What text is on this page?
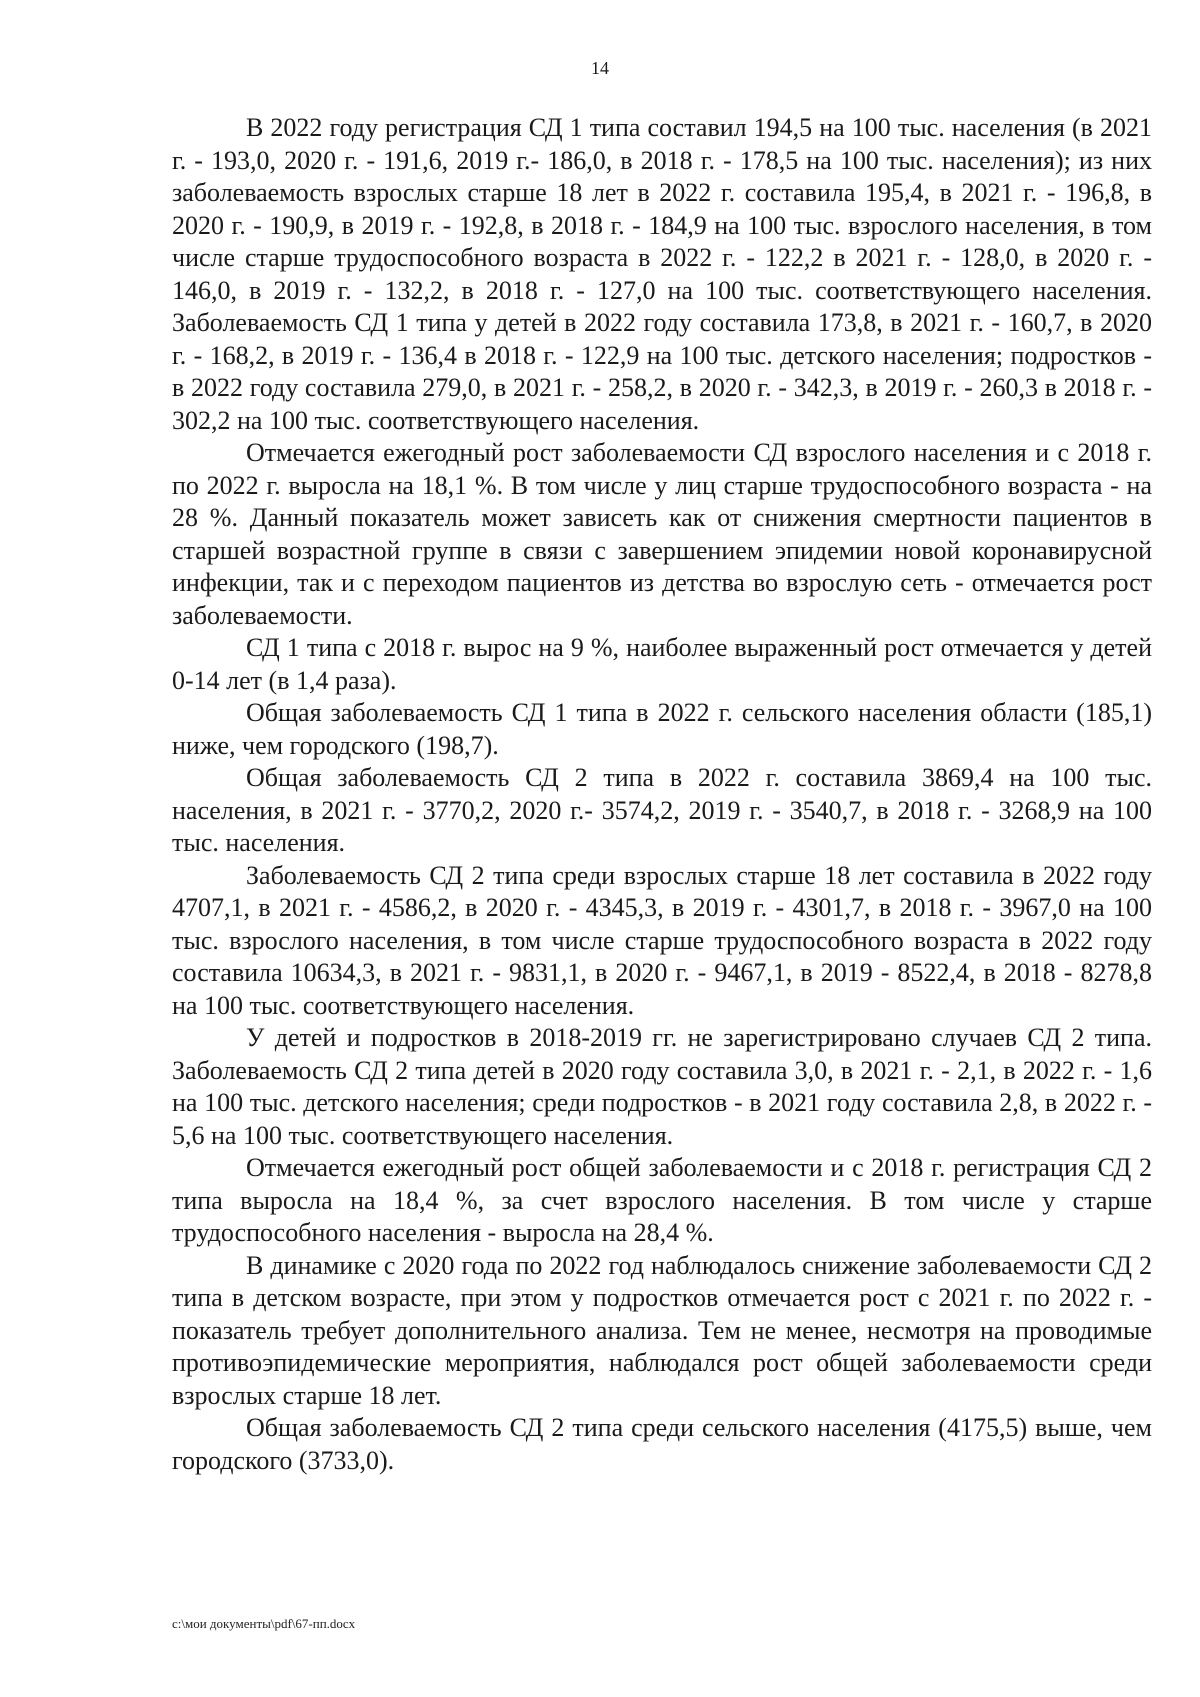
14

В 2022 году регистрация СД 1 типа составил 194,5 на 100 тыс. населения (в 2021 г. - 193,0, 2020 г. - 191,6, 2019 г.- 186,0, в 2018 г. - 178,5 на 100 тыс. населения); из них заболеваемость взрослых старше 18 лет в 2022 г. составила 195,4, в 2021 г. - 196,8, в 2020 г. - 190,9, в 2019 г. - 192,8, в 2018 г. - 184,9 на 100 тыс. взрослого населения, в том числе старше трудоспособного возраста в 2022 г. - 122,2 в 2021 г. - 128,0, в 2020 г. - 146,0, в 2019 г. - 132,2, в 2018 г. - 127,0 на 100 тыс. соответствующего населения. Заболеваемость СД 1 типа у детей в 2022 году составила 173,8, в 2021 г. - 160,7, в 2020 г. - 168,2, в 2019 г. - 136,4 в 2018 г. - 122,9 на 100 тыс. детского населения; подростков - в 2022 году составила 279,0, в 2021 г. - 258,2, в 2020 г. - 342,3, в 2019 г. - 260,3 в 2018 г. - 302,2 на 100 тыс. соответствующего населения.

Отмечается ежегодный рост заболеваемости СД взрослого населения и с 2018 г. по 2022 г. выросла на 18,1 %. В том числе у лиц старше трудоспособного возраста - на 28 %. Данный показатель может зависеть как от снижения смертности пациентов в старшей возрастной группе в связи с завершением эпидемии новой коронавирусной инфекции, так и с переходом пациентов из детства во взрослую сеть - отмечается рост заболеваемости.

СД 1 типа с 2018 г. вырос на 9 %, наиболее выраженный рост отмечается у детей 0-14 лет (в 1,4 раза).

Общая заболеваемость СД 1 типа в 2022 г. сельского населения области (185,1) ниже, чем городского (198,7).

Общая заболеваемость СД 2 типа в 2022 г. составила 3869,4 на 100 тыс. населения, в 2021 г. - 3770,2, 2020 г.- 3574,2, 2019 г. - 3540,7, в 2018 г. - 3268,9 на 100 тыс. населения.

Заболеваемость СД 2 типа среди взрослых старше 18 лет составила в 2022 году 4707,1, в 2021 г. - 4586,2, в 2020 г. - 4345,3, в 2019 г. - 4301,7, в 2018 г. - 3967,0 на 100 тыс. взрослого населения, в том числе старше трудоспособного возраста в 2022 году составила 10634,3, в 2021 г. - 9831,1, в 2020 г. - 9467,1, в 2019 - 8522,4, в 2018 - 8278,8 на 100 тыс. соответствующего населения.

У детей и подростков в 2018-2019 гг. не зарегистрировано случаев СД 2 типа. Заболеваемость СД 2 типа детей в 2020 году составила 3,0, в 2021 г. - 2,1, в 2022 г. - 1,6 на 100 тыс. детского населения; среди подростков - в 2021 году составила 2,8, в 2022 г. - 5,6 на 100 тыс. соответствующего населения.

Отмечается ежегодный рост общей заболеваемости и с 2018 г. регистрация СД 2 типа выросла на 18,4 %, за счет взрослого населения. В том числе у старше трудоспособного населения - выросла на 28,4 %.

В динамике с 2020 года по 2022 год наблюдалось снижение заболеваемости СД 2 типа в детском возрасте, при этом у подростков отмечается рост с 2021 г. по 2022 г. - показатель требует дополнительного анализа. Тем не менее, несмотря на проводимые противоэпидемические мероприятия, наблюдался рост общей заболеваемости среди взрослых старше 18 лет.

Общая заболеваемость СД 2 типа среди сельского населения (4175,5) выше, чем городского (3733,0).

c:\мои документы\pdf\67-пп.docx
